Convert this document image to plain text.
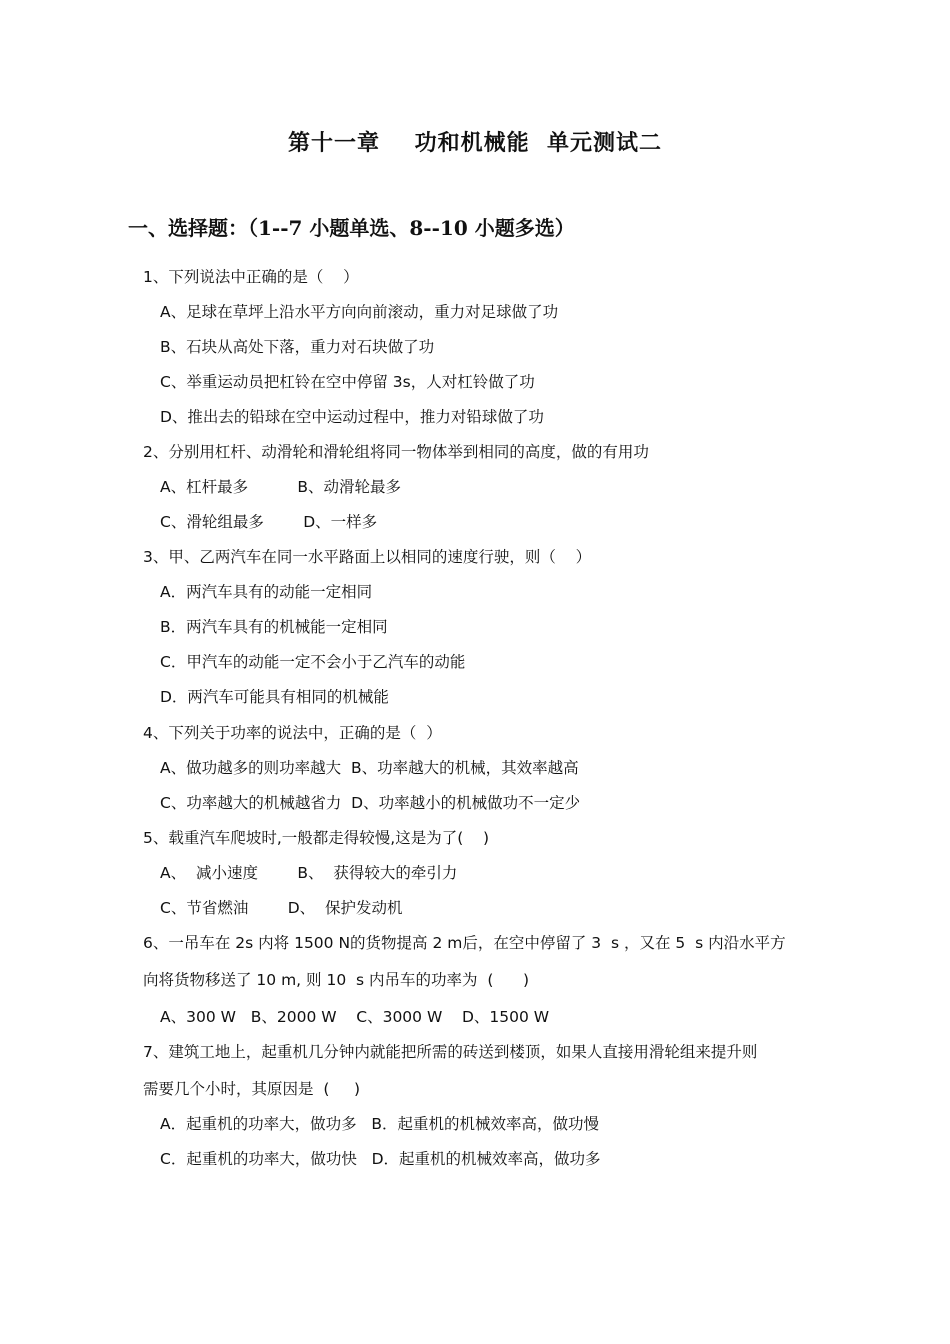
第十一章    功和机械能  单元测试二
一、选择题：（1--7 小题单选、8--10 小题多选）
1、下列说法中正确的是（    ）
A、足球在草坪上沿水平方向向前滚动，重力对足球做了功
B、石块从高处下落，重力对石块做了功
C、举重运动员把杠铃在空中停留 3s，人对杠铃做了功
D、推出去的铅球在空中运动过程中，推力对铅球做了功
2、分别用杠杆、动滑轮和滑轮组将同一物体举到相同的高度，做的有用功
A、杠杆最多          B、动滑轮最多
C、滑轮组最多        D、一样多
3、甲、乙两汽车在同一水平路面上以相同的速度行驶，则（    ）
A．两汽车具有的动能一定相同
B．两汽车具有的机械能一定相同
C．甲汽车的动能一定不会小于乙汽车的动能
D．两汽车可能具有相同的机械能
4、下列关于功率的说法中，正确的是（  ）
A、做功越多的则功率越大  B、功率越大的机械，其效率越高
C、功率越大的机械越省力  D、功率越小的机械做功不一定少
5、载重汽车爬坡时,一般都走得较慢,这是为了(    )
A、  减小速度        B、  获得较大的牵引力
C、节省燃油        D、  保护发动机
6、一吊车在 2s 内将 1500 N的货物提高 2 m后，在空中停留了 3  s ，又在 5  s 内沿水平方
向将货物移送了 10 m, 则 10  s 内吊车的功率为  (      )
A、300 W   B、2000 W    C、3000 W    D、1500 W
7、建筑工地上，起重机几分钟内就能把所需的砖送到楼顶，如果人直接用滑轮组来提升则
需要几个小时，其原因是  (     )
A．起重机的功率大，做功多   B．起重机的机械效率高，做功慢
C．起重机的功率大，做功快   D．起重机的机械效率高，做功多
